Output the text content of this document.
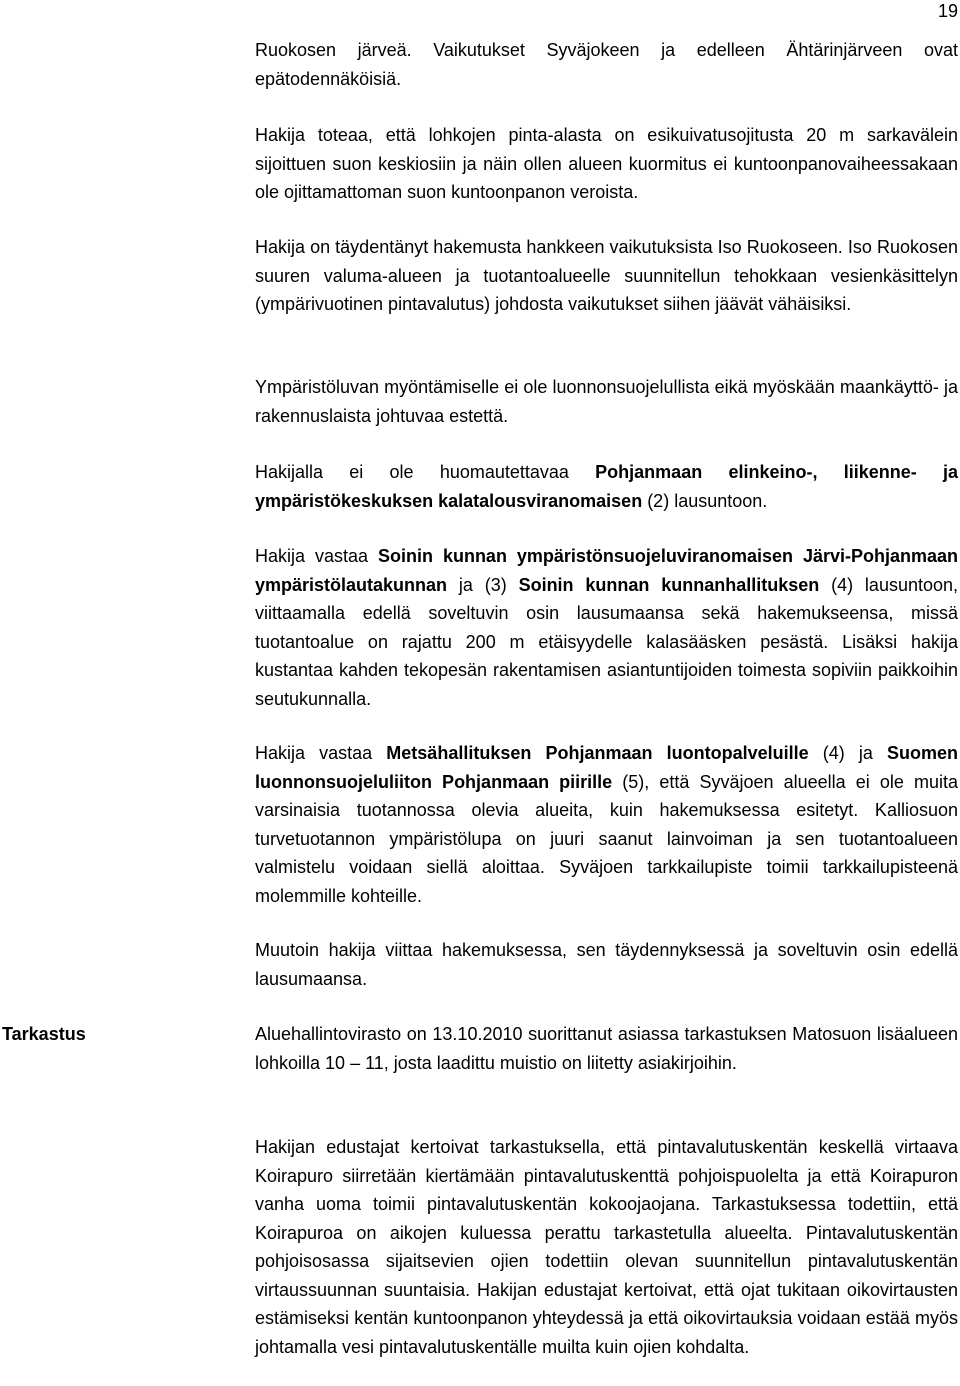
19

Ruokosen järveä. Vaikutukset Syväjokeen ja edelleen Ähtärinjärveen ovat epätodennäköisiä.

Hakija toteaa, että lohkojen pinta-alasta on esikuivatusojitusta 20 m sarkavälein sijoittuen suon keskiosiin ja näin ollen alueen kuormitus ei kuntoonpanovaiheessakaan ole ojittamattoman suon kuntoonpanon veroista.

Hakija on täydentänyt hakemusta hankkeen vaikutuksista Iso Ruokoseen. Iso Ruokosen suuren valuma-alueen ja tuotantoalueelle suunnitellun tehokkaan vesienkäsittelyn (ympärivuotinen pintavalutus) johdosta vaikutukset siihen jäävät vähäisiksi.

Ympäristöluvan myöntämiselle ei ole luonnonsuojelullista eikä myöskään maankäyttö- ja rakennuslaista johtuvaa estettä.

Hakijalla ei ole huomautettavaa Pohjanmaan elinkeino-, liikenne- ja ympäristökeskuksen kalatalousviranomaisen (2) lausuntoon.

Hakija vastaa Soinin kunnan ympäristönsuojeluviranomaisen Järvi-Pohjanmaan ympäristölautakunnan ja (3) Soinin kunnan kunnanhallituksen (4) lausuntoon, viittaamalla edellä soveltuvin osin lausumaansa sekä hakemukseensa, missä tuotantoalue on rajattu 200 m etäisyydelle kalasääsken pesästä. Lisäksi hakija kustantaa kahden tekopesän rakentamisen asiantuntijoiden toimesta sopiviin paikkoihin seutukunnalla.

Hakija vastaa Metsähallituksen Pohjanmaan luontopalveluille (4) ja Suomen luonnonsuojeluliiton Pohjanmaan piirille (5), että Syväjoen alueella ei ole muita varsinaisia tuotannossa olevia alueita, kuin hakemuksessa esitetyt. Kalliosuon turvetuotannon ympäristölupa on juuri saanut lainvoiman ja sen tuotantoalueen valmistelu voidaan siellä aloittaa. Syväjoen tarkkailupiste toimii tarkkailupisteenä molemmille kohteille.

Muutoin hakija viittaa hakemuksessa, sen täydennyksessä ja soveltuvin osin edellä lausumaansa.

Tarkastus	Aluehallintovirasto on 13.10.2010 suorittanut asiassa tarkastuksen Matosuon lisäalueen lohkoilla 10 – 11, josta laadittu muistio on liitetty asiakirjoihin.

Hakijan edustajat kertoivat tarkastuksella, että pintavalutuskentän keskellä virtaava Koirapuro siirretään kiertämään pintavalutuskenttä pohjoispuolelta ja että Koirapuron vanha uoma toimii pintavalutuskentän kokoojaojana. Tarkastuksessa todettiin, että Koirapuroa on aikojen kuluessa perattu tarkastetulla alueelta. Pintavalutuskentän pohjoisosassa sijaitsevien ojien todettiin olevan suunnitellun pintavalutuskentän virtaussuunnan suuntaisia. Hakijan edustajat kertoivat, että ojat tukitaan oikovirtausten estämiseksi kentän kuntoonpanon yhteydessä ja että oikovirtauksia voidaan estää myös johtamalla vesi pintavalutuskentälle muilta kuin ojien kohdalta.
